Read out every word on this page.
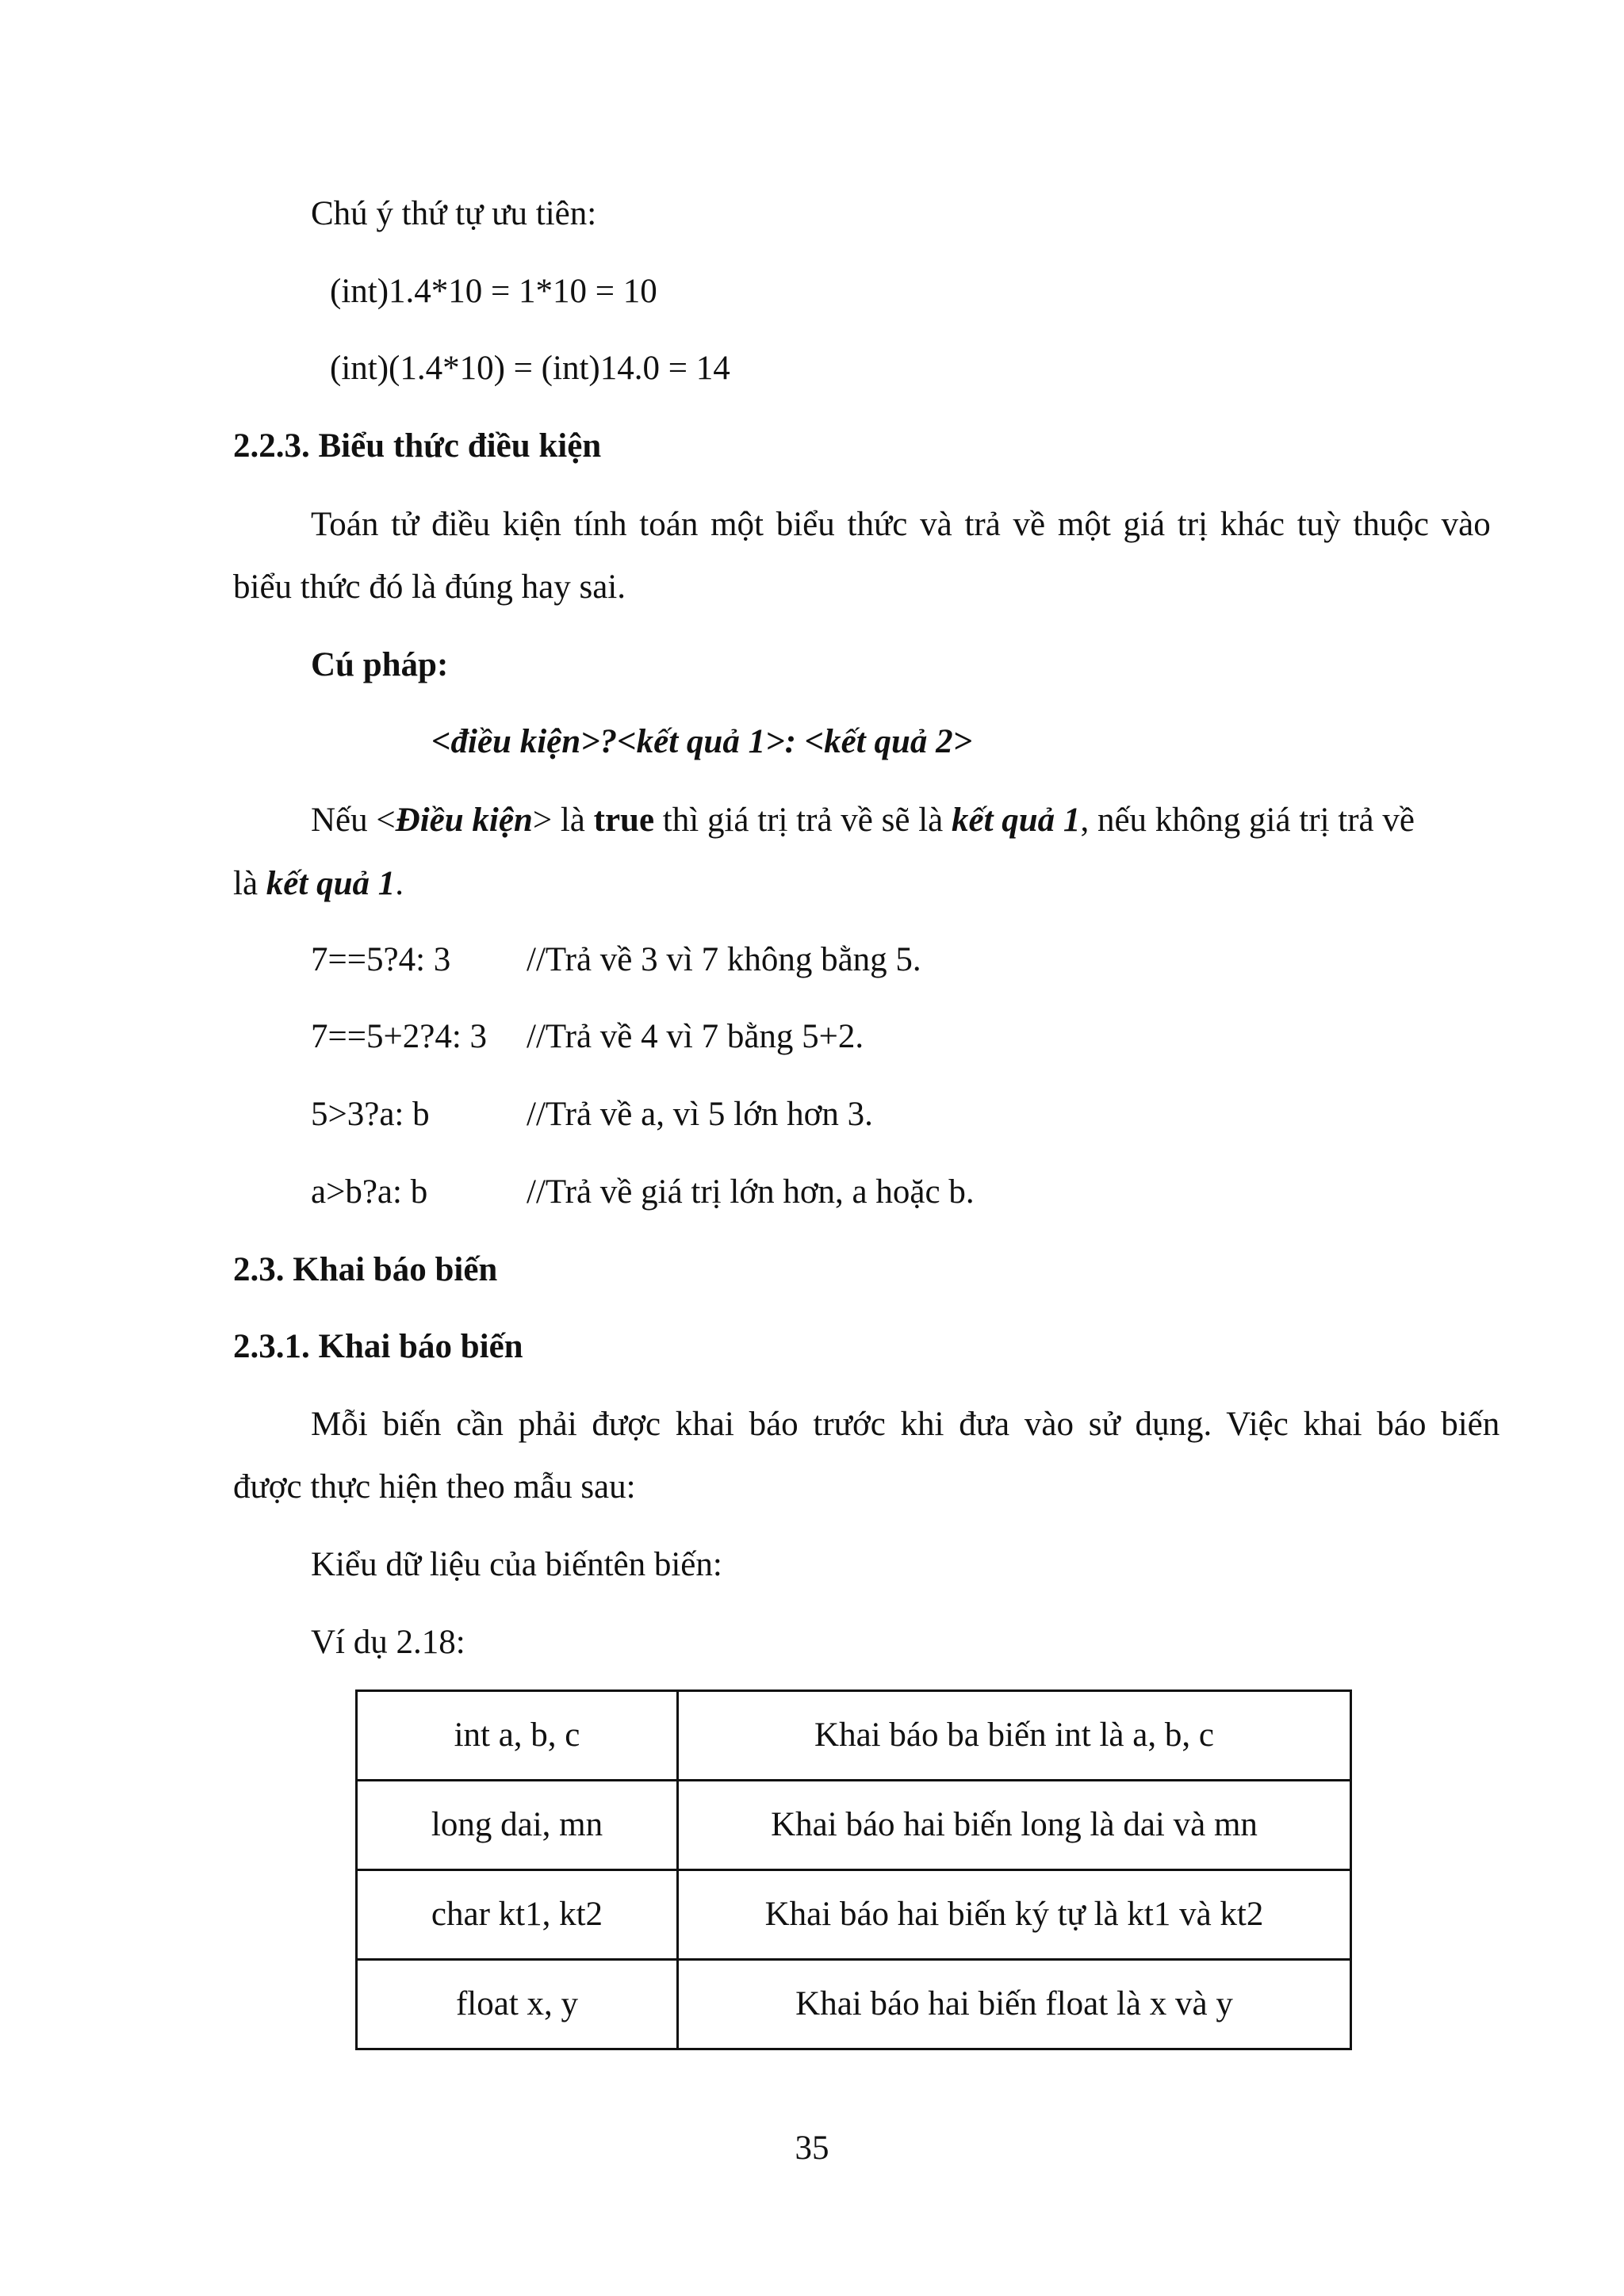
Chú ý thứ tự ưu tiên:
(int)1.4*10 = 1*10 = 10
(int)(1.4*10) = (int)14.0 = 14
2.2.3. Biểu thức điều kiện
Toán tử điều kiện tính toán một biểu thức và trả về một giá trị khác tuỳ thuộc vào
biểu thức đó là đúng hay sai.
Cú pháp:
<điều kiện>?<kết quả 1>: <kết quả 2>
Nếu <Điều kiện> là true thì giá trị trả về sẽ là kết quả 1, nếu không giá trị trả về
là kết quả 1.
7==5?4: 3 //Trả về 3 vì 7 không bằng 5.
7==5+2?4: 3 //Trả về 4 vì 7 bằng 5+2.
5>3?a: b	//Trả về a, vì 5 lớn hơn 3.
a>b?a: b	//Trả về giá trị lớn hơn, a hoặc b.
2.3. Khai báo biến
2.3.1. Khai báo biến
Mỗi biến cần phải được khai báo trước khi đưa vào sử dụng. Việc khai báo biến
được thực hiện theo mẫu sau:
Kiểu dữ liệu của biếntên biến:
Ví dụ 2.18:
int a, b, c	Khai báo ba biến int là a, b, c
long dai, mn	Khai báo hai biến long là dai và mn
char kt1, kt2	Khai báo hai biến ký tự là kt1 và kt2
float x, y	Khai báo hai biến float là x và y
35
